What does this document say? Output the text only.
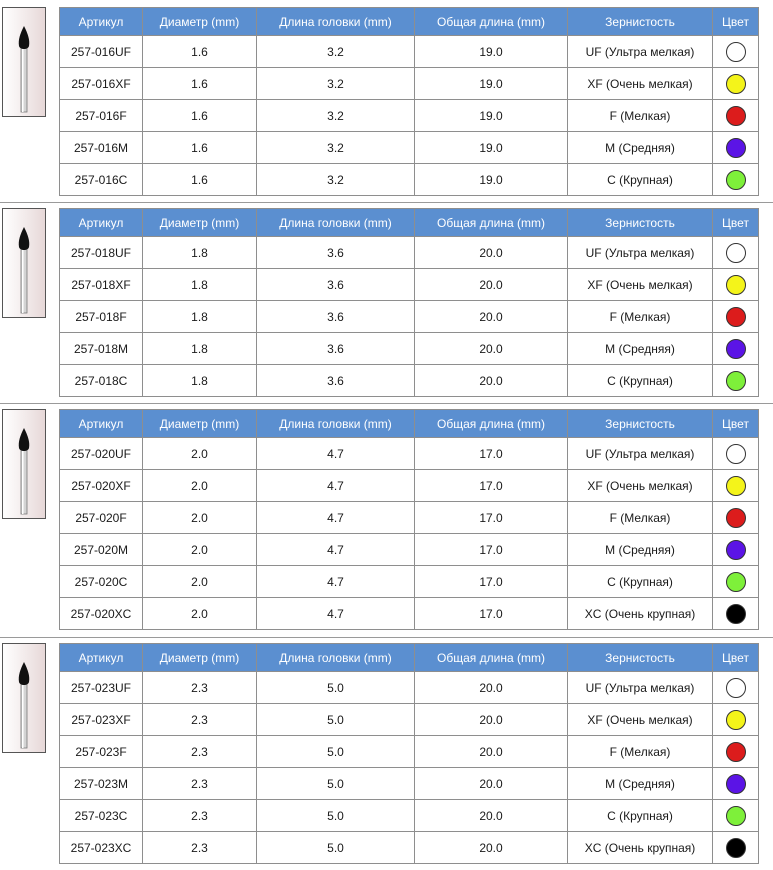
Артикул	Диаметр (mm)	Длина головки (mm)	Общая длина (mm)	Зернистость	Цвет
257-016UF	1.6	3.2	19.0	UF (Ультра мелкая)	
257-016XF	1.6	3.2	19.0	XF (Очень мелкая)	
257-016F	1.6	3.2	19.0	F (Мелкая)	
257-016M	1.6	3.2	19.0	M (Средняя)	
257-016C	1.6	3.2	19.0	C (Крупная)	
Артикул	Диаметр (mm)	Длина головки (mm)	Общая длина (mm)	Зернистость	Цвет
257-018UF	1.8	3.6	20.0	UF (Ультра мелкая)	
257-018XF	1.8	3.6	20.0	XF (Очень мелкая)	
257-018F	1.8	3.6	20.0	F (Мелкая)	
257-018M	1.8	3.6	20.0	M (Средняя)	
257-018C	1.8	3.6	20.0	C (Крупная)	
Артикул	Диаметр (mm)	Длина головки (mm)	Общая длина (mm)	Зернистость	Цвет
257-020UF	2.0	4.7	17.0	UF (Ультра мелкая)	
257-020XF	2.0	4.7	17.0	XF (Очень мелкая)	
257-020F	2.0	4.7	17.0	F (Мелкая)	
257-020M	2.0	4.7	17.0	M (Средняя)	
257-020C	2.0	4.7	17.0	C (Крупная)	
257-020XC	2.0	4.7	17.0	XC (Очень крупная)	
Артикул	Диаметр (mm)	Длина головки (mm)	Общая длина (mm)	Зернистость	Цвет
257-023UF	2.3	5.0	20.0	UF (Ультра мелкая)	
257-023XF	2.3	5.0	20.0	XF (Очень мелкая)	
257-023F	2.3	5.0	20.0	F (Мелкая)	
257-023M	2.3	5.0	20.0	M (Средняя)	
257-023C	2.3	5.0	20.0	C (Крупная)	
257-023XC	2.3	5.0	20.0	XC (Очень крупная)	
